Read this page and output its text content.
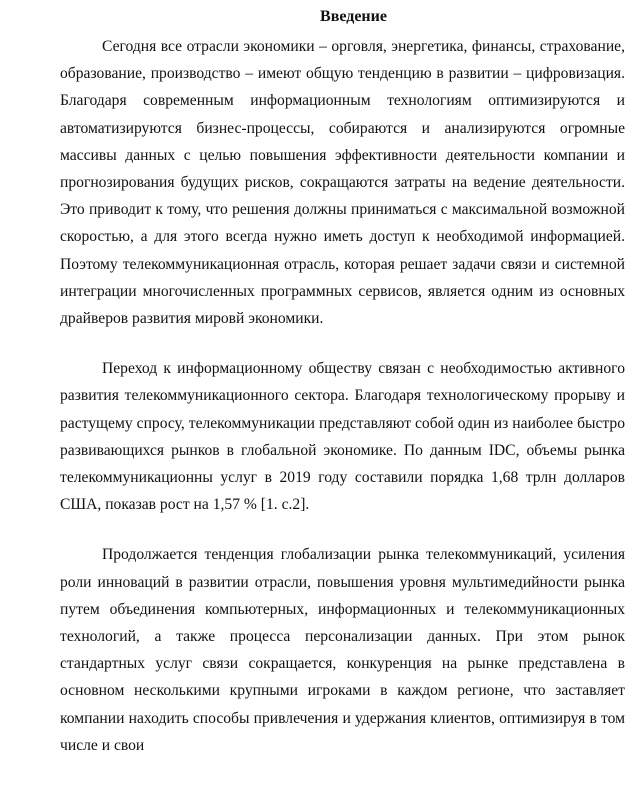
Введение

Сегодня все отрасли экономики – орговля, энергетика, финансы, страхование, образование, производство – имеют общую тенденцию в развитии – цифровизация. Благодаря современным информационным технологиям оптимизируются и автоматизируются бизнес-процессы, собираются и анализируются огромные массивы данных с целью повышения эффективности деятельности компании и прогнозирования будущих рисков, сокращаются затраты на ведение деятельности. Это приводит к тому, что решения должны приниматься с максимальной возможной скоростью, а для этого всегда нужно иметь доступ к необходимой информацией. Поэтому телекоммуникационная отрасль, которая решает задачи связи и системной интеграции многочисленных программных сервисов, является одним из основных драйверов развития мировй экономики.

Переход к информационному обществу связан с необходимостью активного развития телекоммуникационного сектора. Благодаря технологическому прорыву и растущему спросу, телекоммуникации представляют собой один из наиболее быстро развивающихся рынков в глобальной экономике. По данным IDC, объемы рынка телекоммуникационны услуг в 2019 году составили порядка 1,68 трлн долларов США, показав рост на 1,57 % [1. с.2].

Продолжается тенденция глобализации рынка телекоммуникаций, усиления роли инноваций в развитии отрасли, повышения уровня мультимедийности рынка путем объединения компьютерных, информационных и телекоммуникационных технологий, а также процесса персонализации данных. При этом рынок стандартных услуг связи сокращается, конкуренция на рынке представлена в основном несколькими крупными игроками в каждом регионе, что заставляет компании находить способы привлечения и удержания клиентов, оптимизируя в том числе и свои
